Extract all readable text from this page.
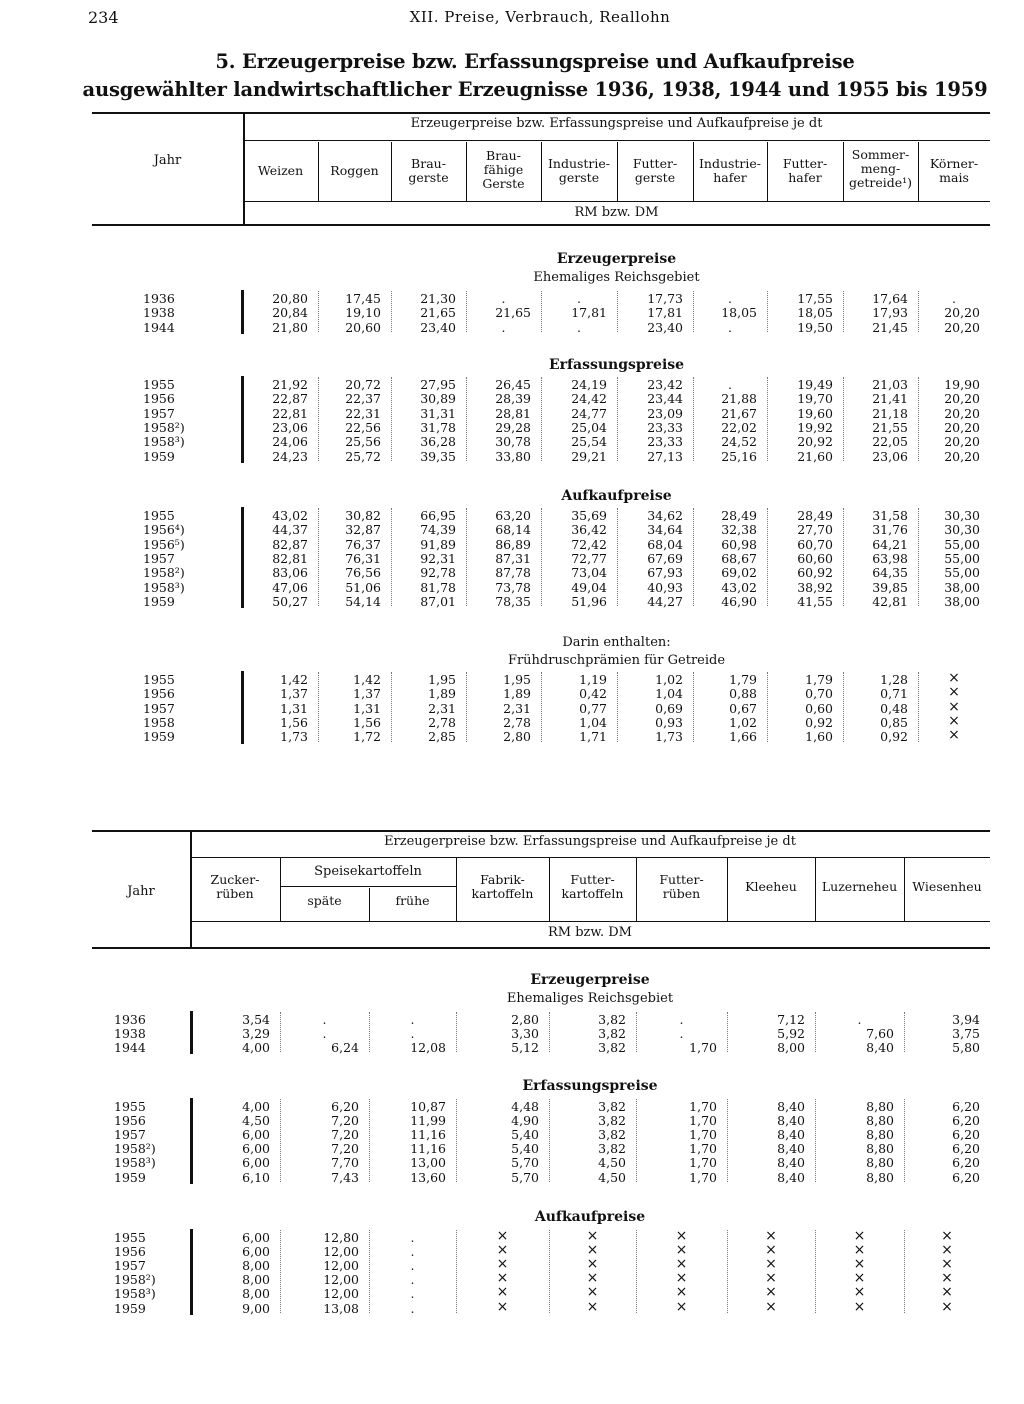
234	XII. Preise, Verbrauch, Reallohn
5. Erzeugerpreise bzw. Erfassungspreise und Aufkaufpreise
ausgewählter landwirtschaftlicher Erzeugnisse 1936, 1938, 1944 und 1955 bis 1959
Jahr
Erzeugerpreise bzw. Erfassungspreise und Aufkaufpreise je dt
RM bzw. DM
Weizen	Roggen	Brau-
gerste
Brau-
fähige
Gerste
Industrie-
gerste
Futter-
gerste
Industrie-
hafer
Futter-
hafer
Sommer-
meng-
getreide¹)
Körner-
mais
Erzeugerpreise
Ehemaliges Reichsgebiet
1936	20,80	17,45	21,30	.	.	17,73	.	17,55	17,64	.
1938	20,84	19,10	21,65	21,65	17,81	17,81	18,05	18,05	17,93	20,20
1944	21,80	20,60	23,40	.	.	23,40	.	19,50	21,45	20,20
Erfassungspreise
1955	21,92	20,72	27,95	26,45	24,19	23,42	.	19,49	21,03	19,90
1956	22,87	22,37	30,89	28,39	24,42	23,44	21,88	19,70	21,41	20,20
1957	22,81	22,31	31,31	28,81	24,77	23,09	21,67	19,60	21,18	20,20
1958²)	23,06	22,56	31,78	29,28	25,04	23,33	22,02	19,92	21,55	20,20
1958³)	24,06	25,56	36,28	30,78	25,54	23,33	24,52	20,92	22,05	20,20
1959	24,23	25,72	39,35	33,80	29,21	27,13	25,16	21,60	23,06	20,20
Aufkaufpreise
1955	43,02	30,82	66,95	63,20	35,69	34,62	28,49	28,49	31,58	30,30
1956⁴)	44,37	32,87	74,39	68,14	36,42	34,64	32,38	27,70	31,76	30,30
1956⁵)	82,87	76,37	91,89	86,89	72,42	68,04	60,98	60,70	64,21	55,00
1957	82,81	76,31	92,31	87,31	72,77	67,69	68,67	60,60	63,98	55,00
1958²)	83,06	76,56	92,78	87,78	73,04	67,93	69,02	60,92	64,35	55,00
1958³)	47,06	51,06	81,78	73,78	49,04	40,93	43,02	38,92	39,85	38,00
1959	50,27	54,14	87,01	78,35	51,96	44,27	46,90	41,55	42,81	38,00
Darin enthalten:
Frühdruschprämien für Getreide
1955	1,42	1,42	1,95	1,95	1,19	1,02	1,79	1,79	1,28	×
1956	1,37	1,37	1,89	1,89	0,42	1,04	0,88	0,70	0,71	×
1957	1,31	1,31	2,31	2,31	0,77	0,69	0,67	0,60	0,48	×
1958	1,56	1,56	2,78	2,78	1,04	0,93	1,02	0,92	0,85	×
1959	1,73	1,72	2,85	2,80	1,71	1,73	1,66	1,60	0,92	×
Jahr
Erzeugerpreise bzw. Erfassungspreise und Aufkaufpreise je dt
RM bzw. DM
Zucker-
rüben	späte	frühe
Fabrik-
kartoffeln
Futter-
kartoffeln
Futter-
rüben	Kleeheu	Luzerneheu	Wiesenheu
Speisekartoffeln
Erzeugerpreise
Ehemaliges Reichsgebiet
1936	3,54	.	.	2,80	3,82	.	7,12	.	3,94
1938	3,29	.	.	3,30	3,82	.	5,92	7,60	3,75
1944	4,00	6,24	12,08	5,12	3,82	1,70	8,00	8,40	5,80
Erfassungspreise
1955	4,00	6,20	10,87	4,48	3,82	1,70	8,40	8,80	6,20
1956	4,50	7,20	11,99	4,90	3,82	1,70	8,40	8,80	6,20
1957	6,00	7,20	11,16	5,40	3,82	1,70	8,40	8,80	6,20
1958²)	6,00	7,20	11,16	5,40	3,82	1,70	8,40	8,80	6,20
1958³)	6,00	7,70	13,00	5,70	4,50	1,70	8,40	8,80	6,20
1959	6,10	7,43	13,60	5,70	4,50	1,70	8,40	8,80	6,20
Aufkaufpreise
1955	6,00	12,80	.	×	×	×	×	×	×
1956	6,00	12,00	.	×	×	×	×	×	×
1957	8,00	12,00	.	×	×	×	×	×	×
1958²)	8,00	12,00	.	×	×	×	×	×	×
1958³)	8,00	12,00	.	×	×	×	×	×	×
1959	9,00	13,08	.	×	×	×	×	×	×
